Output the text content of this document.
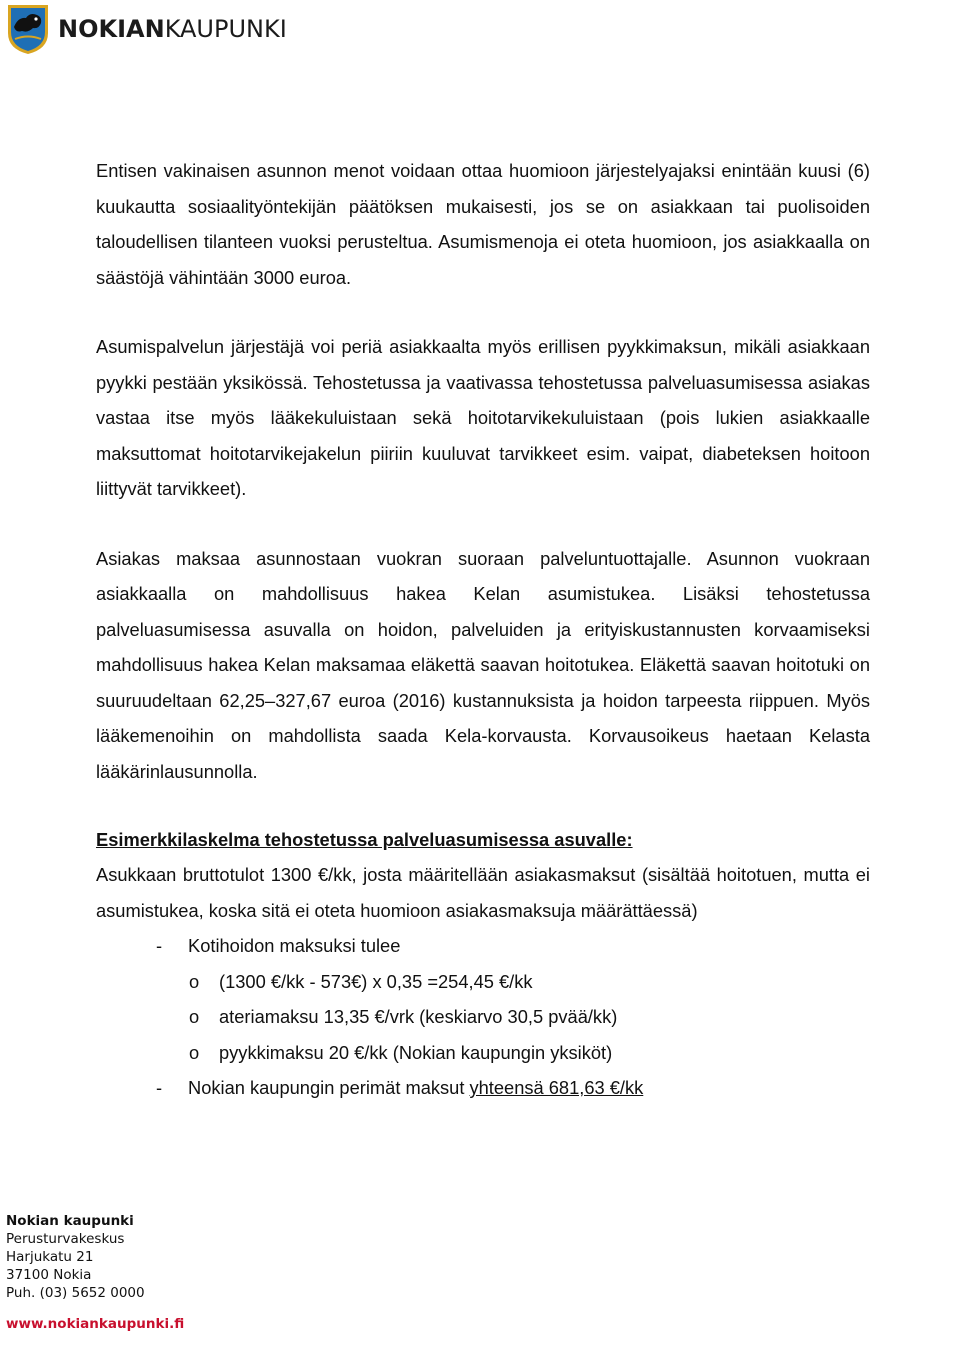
NOKIANKAUPUNKI

Entisen vakinaisen asunnon menot voidaan ottaa huomioon järjestelyajaksi enintään kuusi (6) kuukautta sosiaalityöntekijän päätöksen mukaisesti, jos se on asiakkaan tai puolisoiden taloudellisen tilanteen vuoksi perusteltua. Asumismenoja ei oteta huomioon, jos asiakkaalla on säästöjä vähintään 3000 euroa.

Asumispalvelun järjestäjä voi periä asiakkaalta myös erillisen pyykkimaksun, mikäli asiakkaan pyykki pestään yksikössä. Tehostetussa ja vaativassa tehostetussa palveluasumisessa asiakas vastaa itse myös lääkekuluistaan sekä hoitotarvikekuluistaan (pois lukien asiakkaalle maksuttomat hoitotarvikejakelun piiriin kuuluvat tarvikkeet esim. vaipat, diabeteksen hoitoon liittyvät tarvikkeet).

Asiakas maksaa asunnostaan vuokran suoraan palveluntuottajalle. Asunnon vuokraan asiakkaalla on mahdollisuus hakea Kelan asumistukea. Lisäksi tehostetussa palveluasumisessa asuvalla on hoidon, palveluiden ja erityiskustannusten korvaamiseksi mahdollisuus hakea Kelan maksamaa eläkettä saavan hoitotukea. Eläkettä saavan hoitotuki on suuruudeltaan 62,25–327,67 euroa (2016) kustannuksista ja hoidon tarpeesta riippuen. Myös lääkemenoihin on mahdollista saada Kela-korvausta. Korvausoikeus haetaan Kelasta lääkärinlausunnolla.

Esimerkkilaskelma tehostetussa palveluasumisessa asuvalle:

Asukkaan bruttotulot 1300 €/kk, josta määritellään asiakasmaksut (sisältää hoitotuen, mutta ei asumistukea, koska sitä ei oteta huomioon asiakasmaksuja määrättäessä)

- Kotihoidon maksuksi tulee
o (1300 €/kk - 573€) x 0,35 =254,45 €/kk
o ateriamaksu 13,35 €/vrk (keskiarvo 30,5 pvää/kk)
o pyykkimaksu 20 €/kk (Nokian kaupungin yksiköt)
- Nokian kaupungin perimät maksut yhteensä 681,63 €/kk
Nokian kaupunki
Perusturvakeskus
Harjukatu 21
37100 Nokia
Puh. (03) 5652 0000
www.nokiankaupunki.fi
